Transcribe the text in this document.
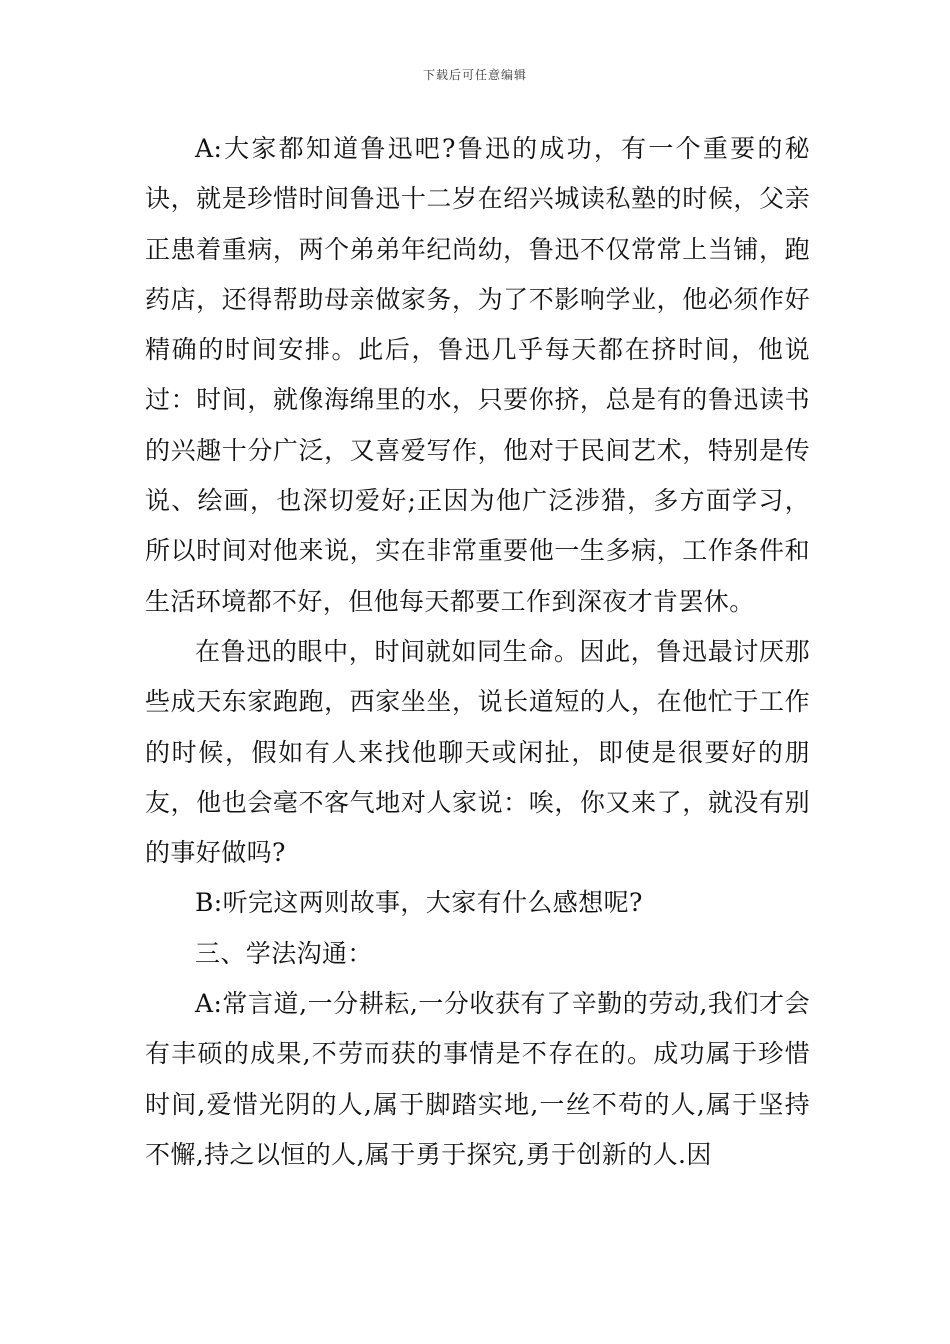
下载后可任意编辑

A:大家都知道鲁迅吧?鲁迅的成功，有一个重要的秘诀，就是珍惜时间鲁迅十二岁在绍兴城读私塾的时候，父亲正患着重病，两个弟弟年纪尚幼，鲁迅不仅常常上当铺，跑药店，还得帮助母亲做家务，为了不影响学业，他必须作好精确的时间安排。此后，鲁迅几乎每天都在挤时间，他说过：时间，就像海绵里的水，只要你挤，总是有的鲁迅读书的兴趣十分广泛，又喜爱写作，他对于民间艺术，特别是传说、绘画，也深切爱好;正因为他广泛涉猎，多方面学习，所以时间对他来说，实在非常重要他一生多病，工作条件和生活环境都不好，但他每天都要工作到深夜才肯罢休。

在鲁迅的眼中，时间就如同生命。因此，鲁迅最讨厌那些成天东家跑跑，西家坐坐，说长道短的人，在他忙于工作的时候，假如有人来找他聊天或闲扯，即使是很要好的朋友，他也会毫不客气地对人家说：唉，你又来了，就没有别的事好做吗?

B:听完这两则故事，大家有什么感想呢?

三、学法沟通：

A:常言道,一分耕耘,一分收获有了辛勤的劳动,我们才会有丰硕的成果,不劳而获的事情是不存在的。成功属于珍惜时间,爱惜光阴的人,属于脚踏实地,一丝不苟的人,属于坚持不懈,持之以恒的人,属于勇于探究,勇于创新的人.因
